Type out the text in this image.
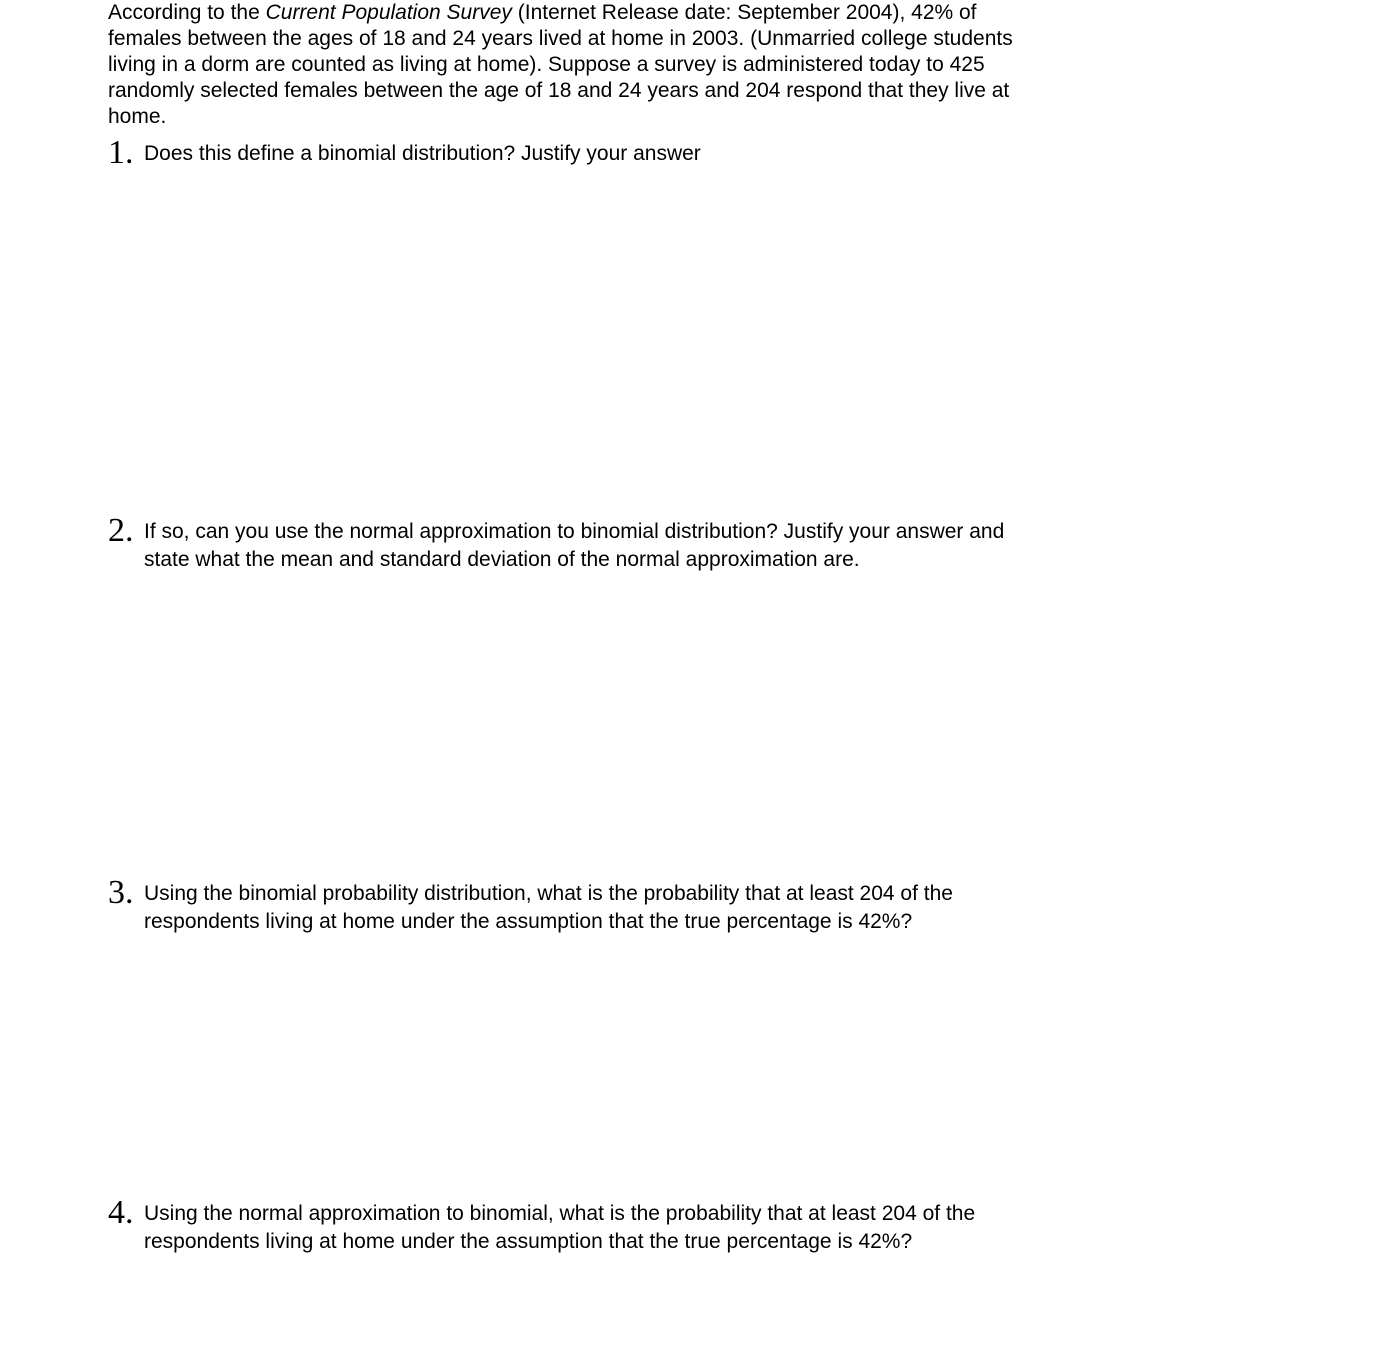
According to the Current Population Survey (Internet Release date: September 2004), 42% of females between the ages of 18 and 24 years lived at home in 2003. (Unmarried college students living in a dorm are counted as living at home). Suppose a survey is administered today to 425 randomly selected females between the age of 18 and 24 years and 204 respond that they live at home.

1. Does this define a binomial distribution? Justify your answer

2. If so, can you use the normal approximation to binomial distribution? Justify your answer and state what the mean and standard deviation of the normal approximation are.

3. Using the binomial probability distribution, what is the probability that at least 204 of the respondents living at home under the assumption that the true percentage is 42%?

4. Using the normal approximation to binomial, what is the probability that at least 204 of the respondents living at home under the assumption that the true percentage is 42%?
